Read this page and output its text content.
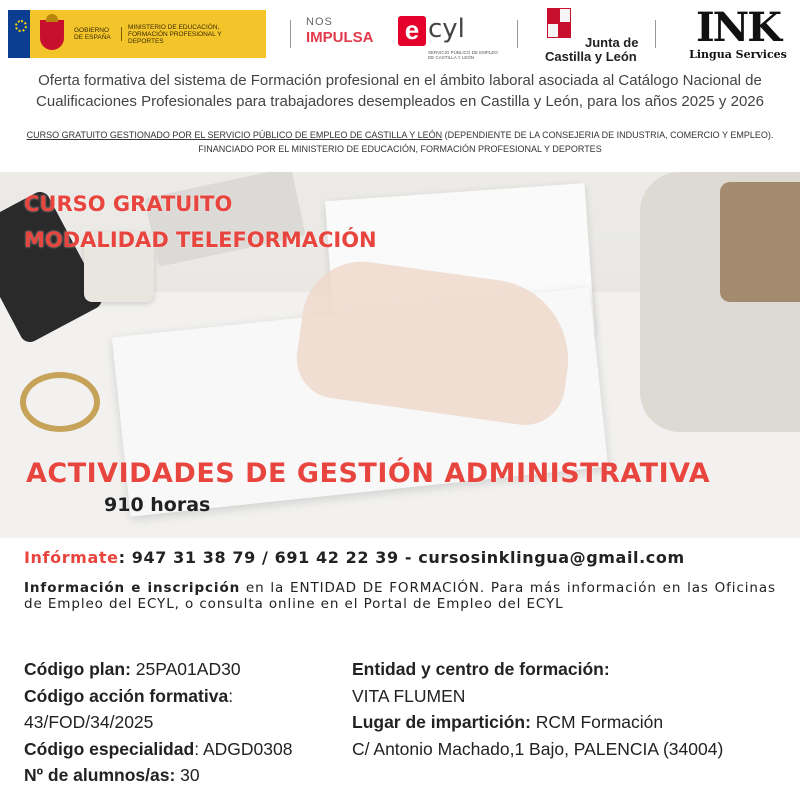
GOBIERNO DE ESPAÑA
MINISTERIO DE EDUCACIÓN, FORMACIÓN PROFESIONAL Y DEPORTES
NOS
IMPULSA e cyl
SERVICIO PÚBLICO DE EMPLEO DE CASTILLA Y LEÓN
Junta de
Castilla y León
INK
Lingua Services
Oferta formativa del sistema de Formación profesional en el ámbito laboral asociada al Catálogo Nacional de Cualificaciones Profesionales para trabajadores desempleados en Castilla y León, para los años 2025 y 2026
CURSO GRATUITO GESTIONADO POR EL SERVICIO PÚBLICO DE EMPLEO DE CASTILLA Y LEÓN (DEPENDIENTE DE LA CONSEJERIA DE INDUSTRIA, COMERCIO Y EMPLEO). FINANCIADO POR EL MINISTERIO DE EDUCACIÓN, FORMACIÓN PROFESIONAL Y DEPORTES
CURSO GRATUITO
MODALIDAD TELEFORMACIÓN
ACTIVIDADES DE GESTIÓN ADMINISTRATIVA
910 horas
Infórmate: 947 31 38 79 / 691 42 22 39 - cursosinklingua@gmail.com
Información e inscripción en la ENTIDAD DE FORMACIÓN. Para más información en las Oficinas de Empleo del ECYL, o consulta online en el Portal de Empleo del ECYL
Código plan: 25PA01AD30
Código acción formativa:
43/FOD/34/2025
Código especialidad: ADGD0308
Nº de alumnos/as: 30
Entidad y centro de formación:
VITA FLUMEN
Lugar de impartición: RCM Formación
C/ Antonio Machado,1 Bajo, PALENCIA (34004)
